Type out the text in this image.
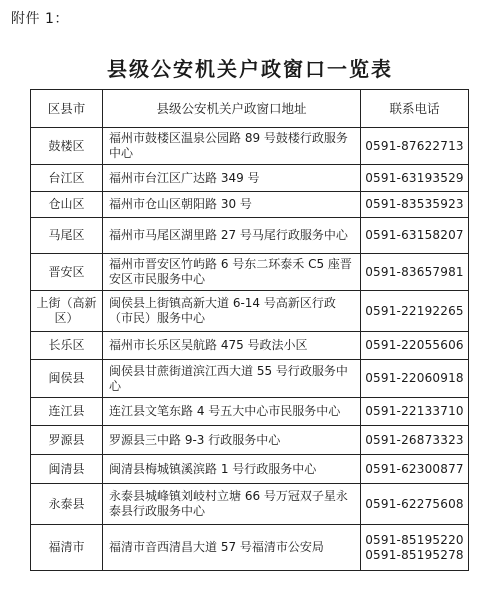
附件 1：
县级公安机关户政窗口一览表
区县市	县级公安机关户政窗口地址	联系电话
鼓楼区	福州市鼓楼区温泉公园路 89 号鼓楼行政服务中心	0591-87622713

台江区	福州市台江区广达路 349 号	0591-63193529

仓山区	福州市仓山区朝阳路 30 号	0591-83535923

马尾区	福州市马尾区湖里路 27 号马尾行政服务中心	0591-63158207

晋安区	福州市晋安区竹屿路 6 号东二环泰禾 C5 座晋安区市民服务中心	0591-83657981

上街（高新区）	闽侯县上街镇高新大道 6-14 号高新区行政（市民）服务中心	0591-22192265

长乐区	福州市长乐区吴航路 475 号政法小区	0591-22055606

闽侯县	闽侯县甘蔗街道滨江西大道 55 号行政服务中心	0591-22060918

连江县	连江县文笔东路 4 号五大中心市民服务中心	0591-22133710

罗源县	罗源县三中路 9-3 行政服务中心	0591-26873323

闽清县	闽清县梅城镇溪滨路 1 号行政服务中心	0591-62300877

永泰县	永泰县城峰镇刘岐村立塘 66 号万冠双子星永泰县行政服务中心	0591-62275608

福清市	福清市音西清昌大道 57 号福清市公安局	0591-85195220
0591-85195278
